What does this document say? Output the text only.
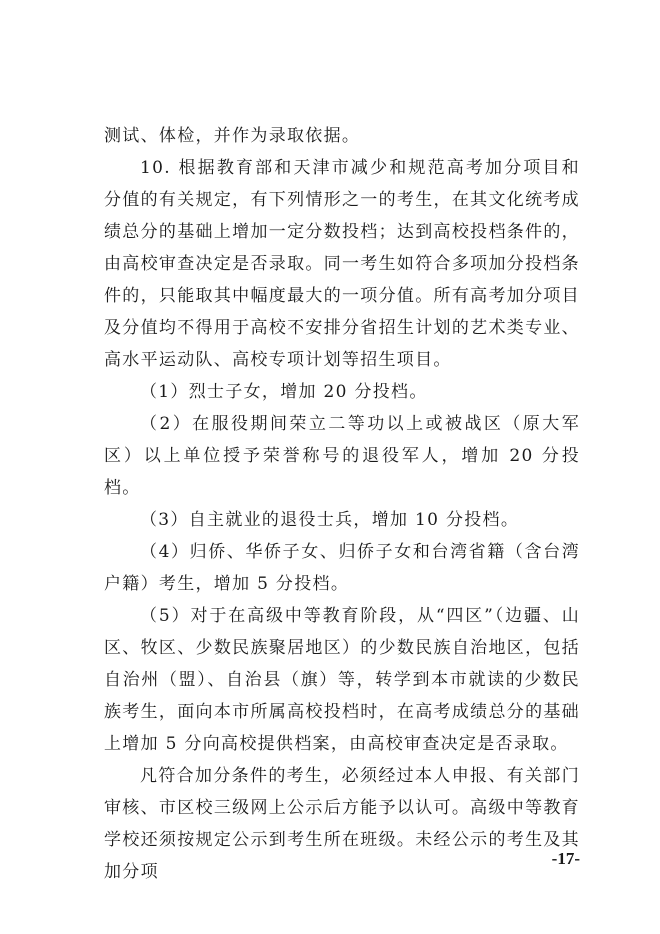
测试、体检，并作为录取依据。

10. 根据教育部和天津市减少和规范高考加分项目和分值的有关规定，有下列情形之一的考生，在其文化统考成绩总分的基础上增加一定分数投档；达到高校投档条件的，由高校审查决定是否录取。同一考生如符合多项加分投档条件的，只能取其中幅度最大的一项分值。所有高考加分项目及分值均不得用于高校不安排分省招生计划的艺术类专业、高水平运动队、高校专项计划等招生项目。

（1）烈士子女，增加 20 分投档。

（2）在服役期间荣立二等功以上或被战区（原大军区）以上单位授予荣誉称号的退役军人，增加 20 分投档。

（3）自主就业的退役士兵，增加 10 分投档。

（4）归侨、华侨子女、归侨子女和台湾省籍（含台湾户籍）考生，增加 5 分投档。

（5）对于在高级中等教育阶段，从“四区”（边疆、山区、牧区、少数民族聚居地区）的少数民族自治地区，包括自治州（盟）、自治县（旗）等，转学到本市就读的少数民族考生，面向本市所属高校投档时，在高考成绩总分的基础上增加 5 分向高校提供档案，由高校审查决定是否录取。

凡符合加分条件的考生，必须经过本人申报、有关部门审核、市区校三级网上公示后方能予以认可。高级中等教育学校还须按规定公示到考生所在班级。未经公示的考生及其加分项

-17-
